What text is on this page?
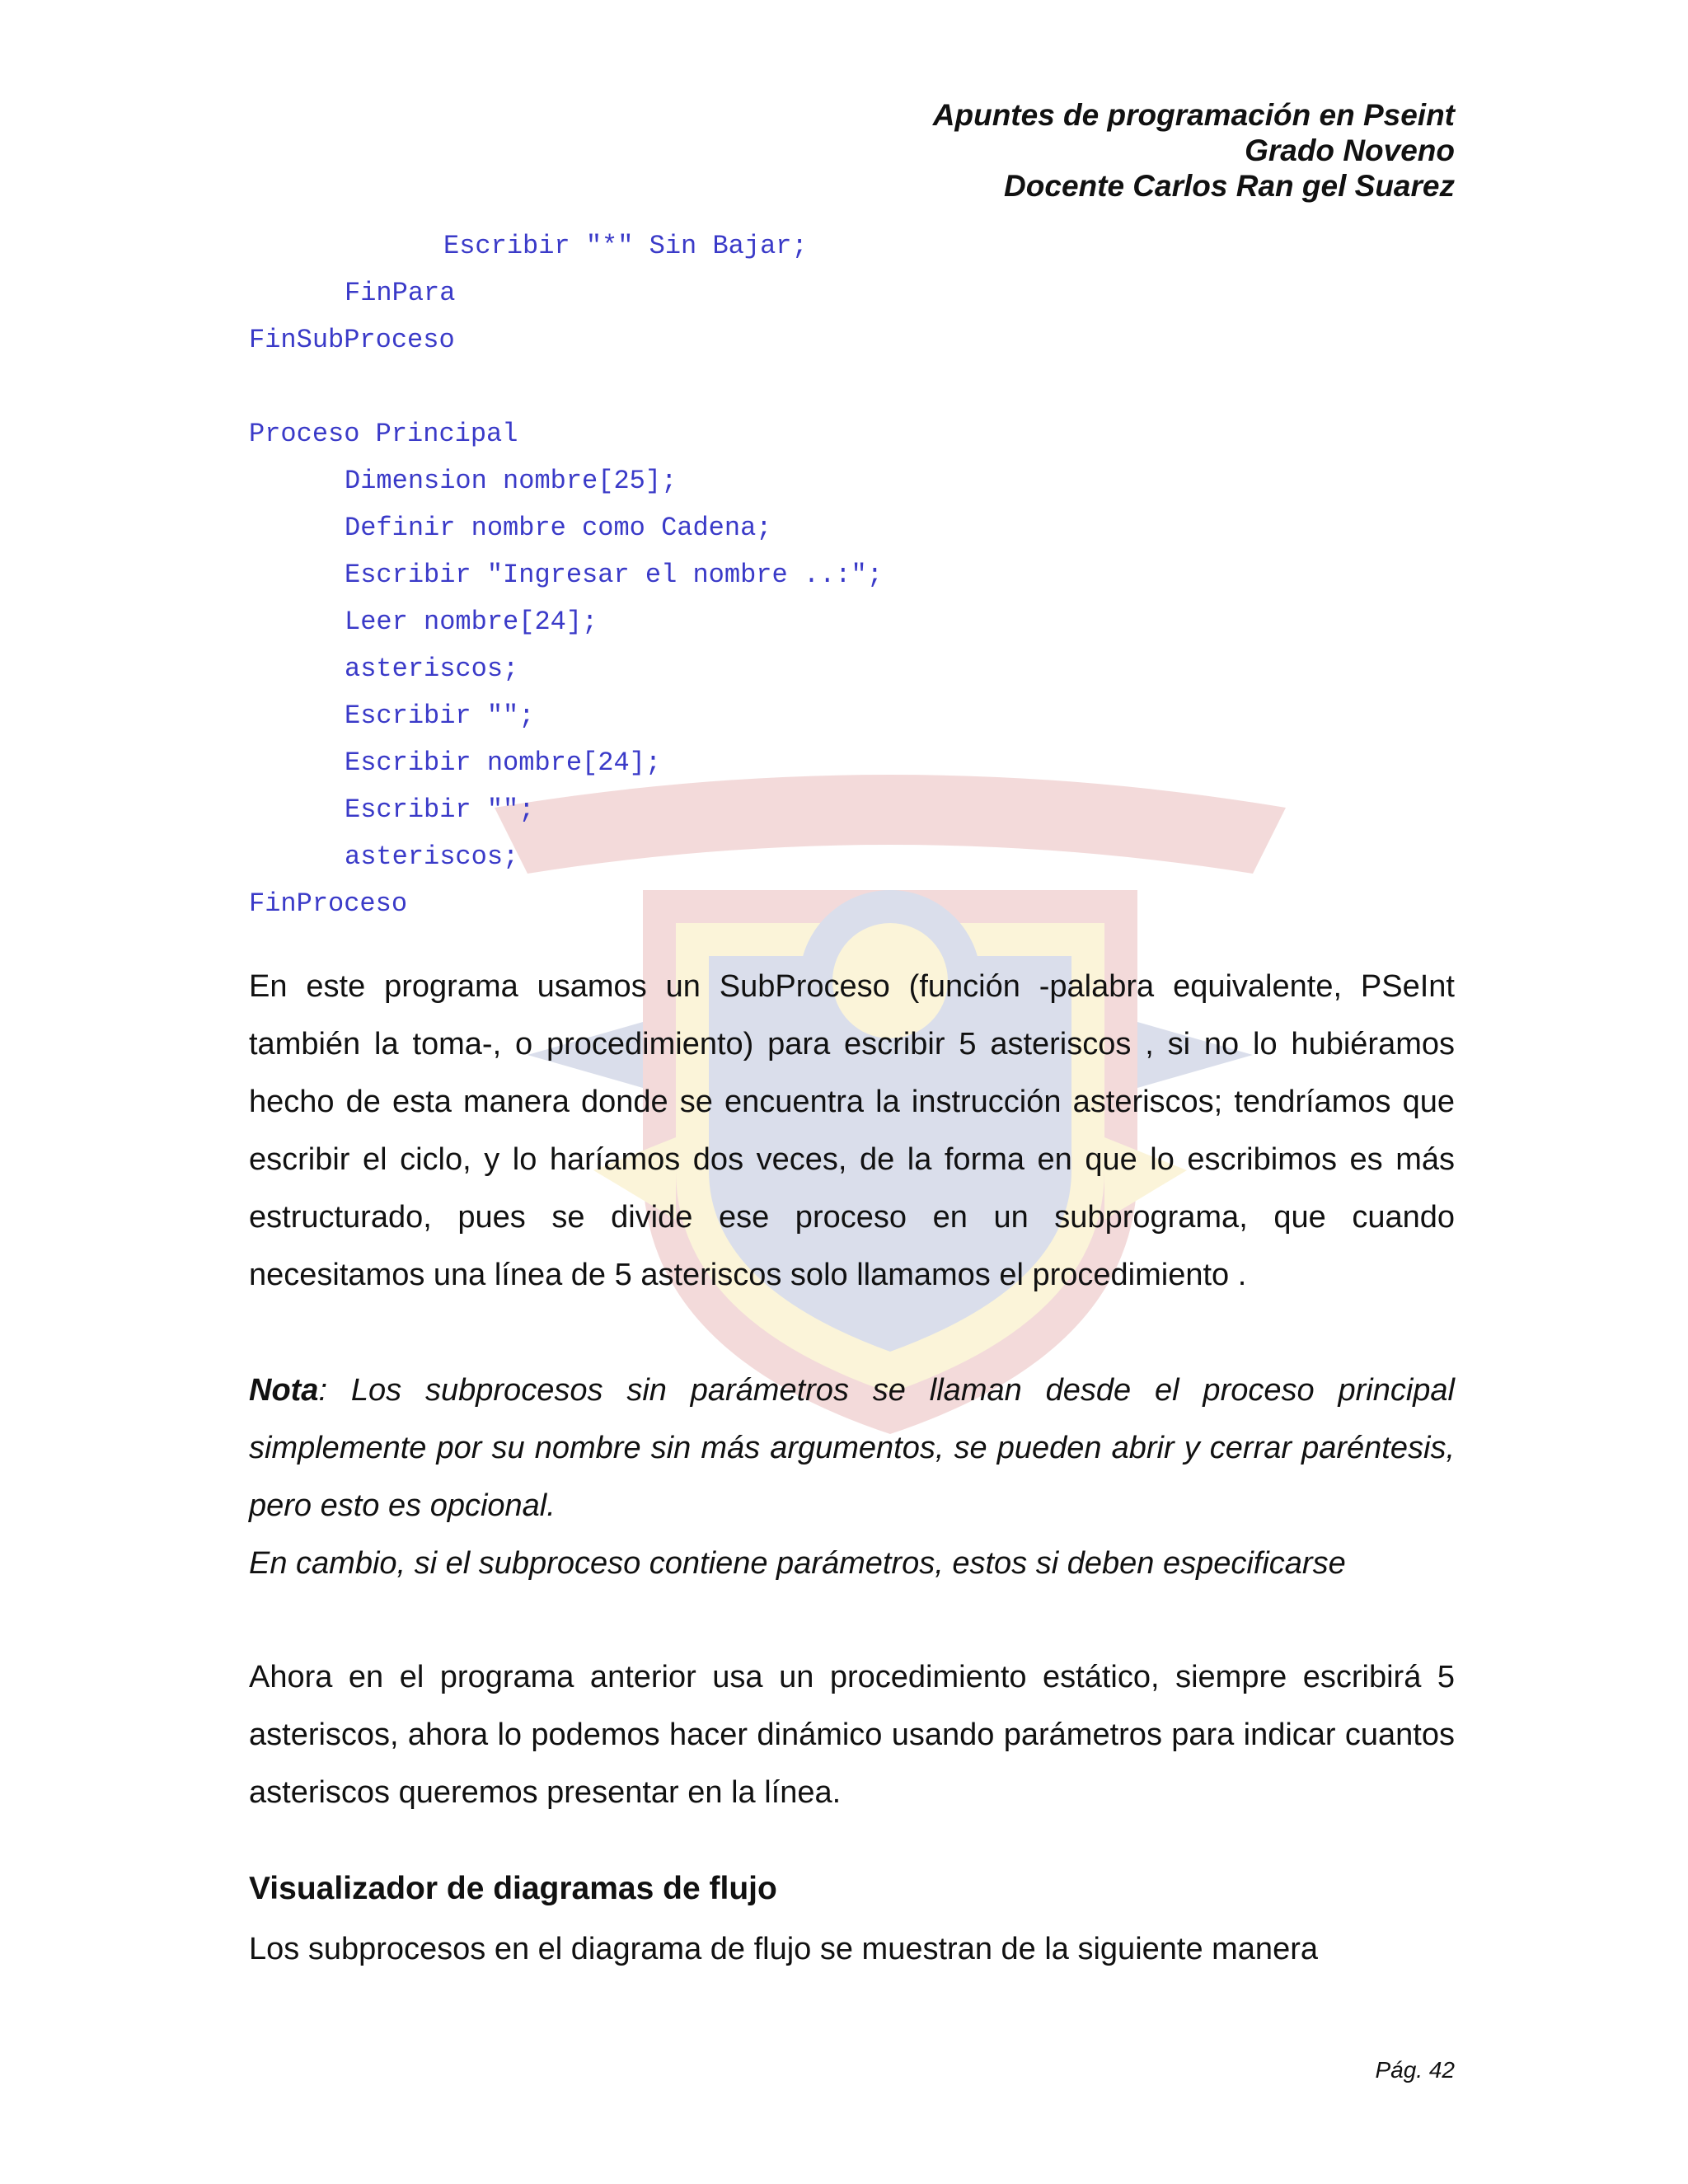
Apuntes de programación en Pseint
Grado Noveno
Docente Carlos Ran gel Suarez
Escribir "*" Sin Bajar;
FinPara
FinSubProceso
Proceso Principal
Dimension nombre[25];
Definir nombre como Cadena;
Escribir "Ingresar el nombre ..:";
Leer nombre[24];
asteriscos;
Escribir "";
Escribir nombre[24];
Escribir "";
asteriscos;
FinProceso
En este programa usamos un SubProceso (función -palabra equivalente, PSeInt también la toma-, o procedimiento) para escribir 5 asteriscos , si no lo hubiéramos hecho de esta manera donde se encuentra la instrucción asteriscos; tendríamos que escribir el ciclo, y lo haríamos dos veces, de la forma en que lo escribimos es más estructurado, pues se divide ese proceso en un subprograma, que cuando necesitamos una línea de 5 asteriscos solo llamamos el procedimiento .
Nota: Los subprocesos sin parámetros se llaman desde el proceso principal simplemente por su nombre sin más argumentos, se pueden abrir y cerrar paréntesis, pero esto es opcional.
En cambio, si el subproceso contiene parámetros, estos si deben especificarse
Ahora en el programa anterior usa un procedimiento estático, siempre escribirá 5 asteriscos, ahora lo podemos hacer dinámico usando parámetros para indicar cuantos asteriscos queremos presentar en la línea.
Visualizador de diagramas de flujo
Los subprocesos en el diagrama de flujo se muestran de la siguiente manera
Pág. 42
